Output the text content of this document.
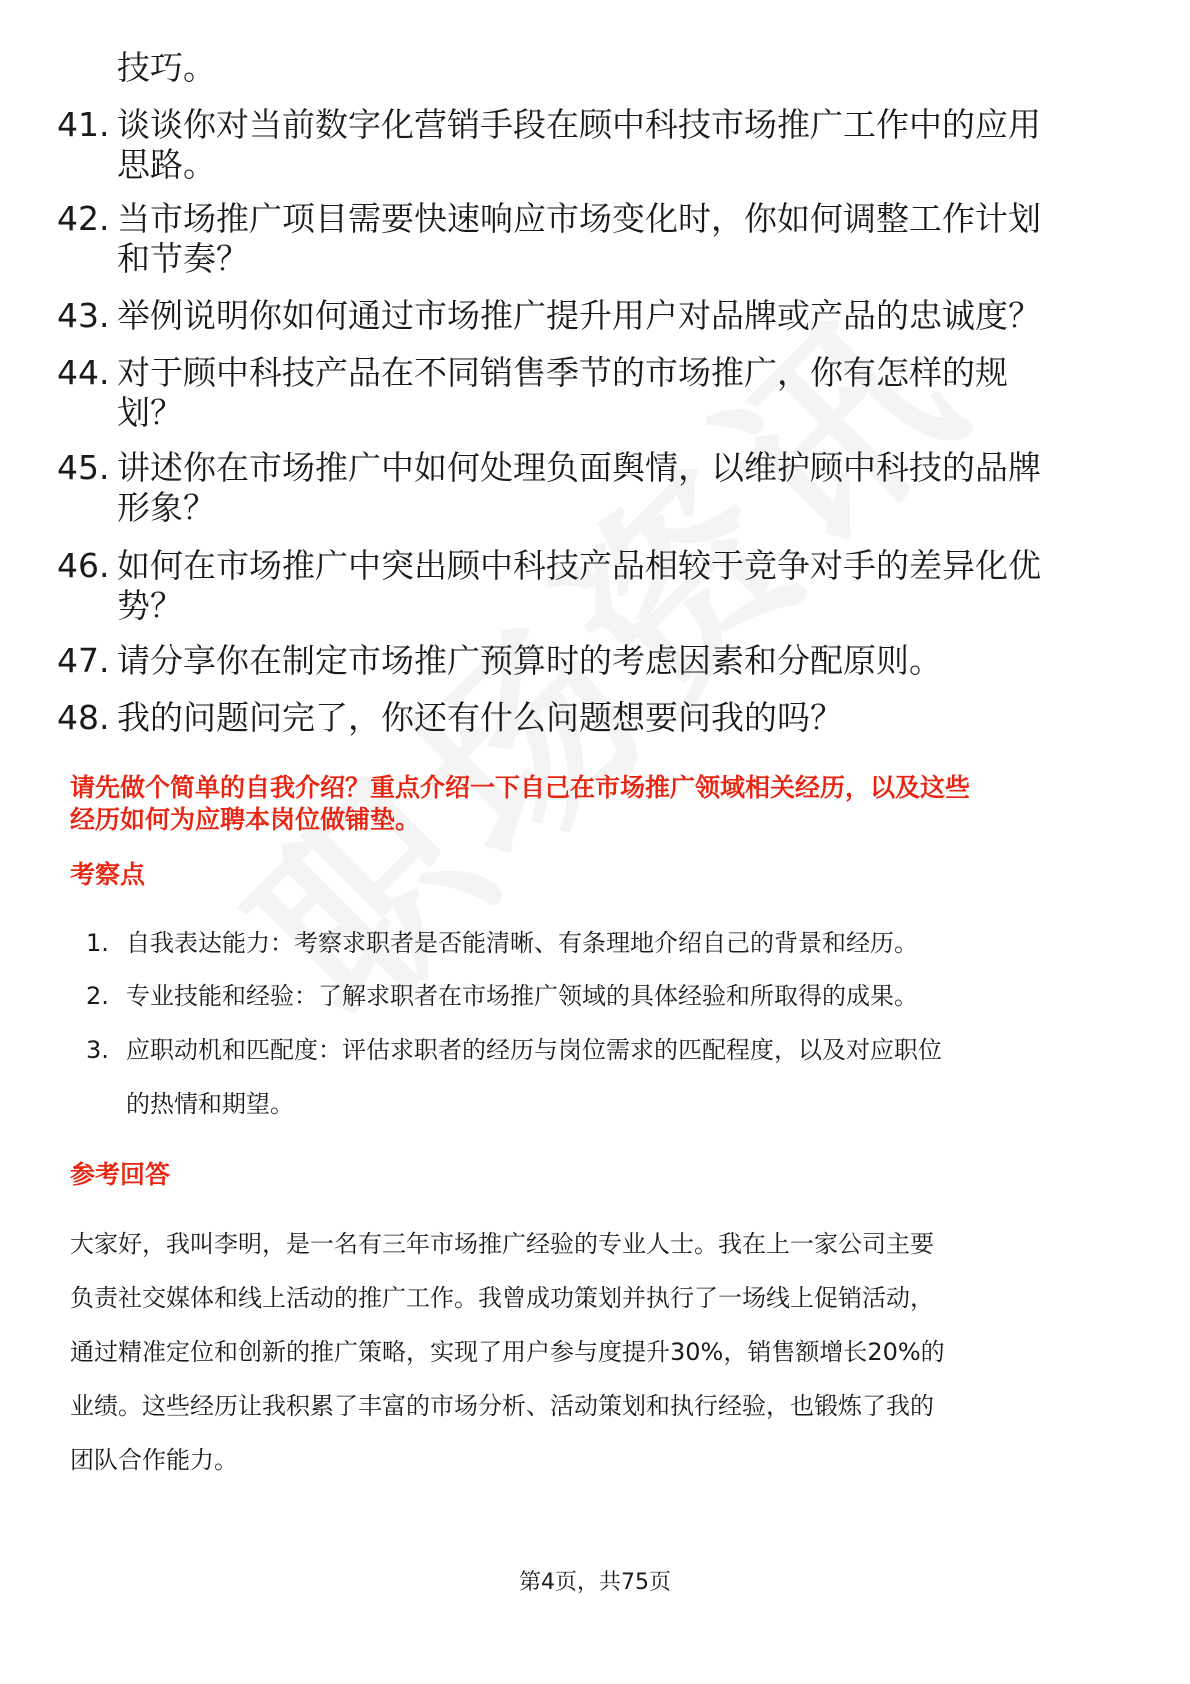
技巧。
41. 谈谈你对当前数字化营销手段在顾中科技市场推广工作中的应用
思路。
42. 当市场推广项目需要快速响应市场变化时，你如何调整工作计划
和节奏？
43. 举例说明你如何通过市场推广提升用户对品牌或产品的忠诚度？
44. 对于顾中科技产品在不同销售季节的市场推广，你有怎样的规
划？
45. 讲述你在市场推广中如何处理负面舆情，以维护顾中科技的品牌
形象？
46. 如何在市场推广中突出顾中科技产品相较于竞争对手的差异化优
势？
47. 请分享你在制定市场推广预算时的考虑因素和分配原则。
48. 我的问题问完了，你还有什么问题想要问我的吗？
请先做个简单的自我介绍？重点介绍一下自己在市场推广领域相关经历，以及这些
经历如何为应聘本岗位做铺垫。
考察点
1. 自我表达能力：考察求职者是否能清晰、有条理地介绍自己的背景和经历。
2. 专业技能和经验：了解求职者在市场推广领域的具体经验和所取得的成果。
3. 应职动机和匹配度：评估求职者的经历与岗位需求的匹配程度，以及对应职位
的热情和期望。
参考回答
大家好，我叫李明，是一名有三年市场推广经验的专业人士。我在上一家公司主要
负责社交媒体和线上活动的推广工作。我曾成功策划并执行了一场线上促销活动，
通过精准定位和创新的推广策略，实现了用户参与度提升30%，销售额增长20%的
业绩。这些经历让我积累了丰富的市场分析、活动策划和执行经验，也锻炼了我的
团队合作能力。
第4页，共75页
